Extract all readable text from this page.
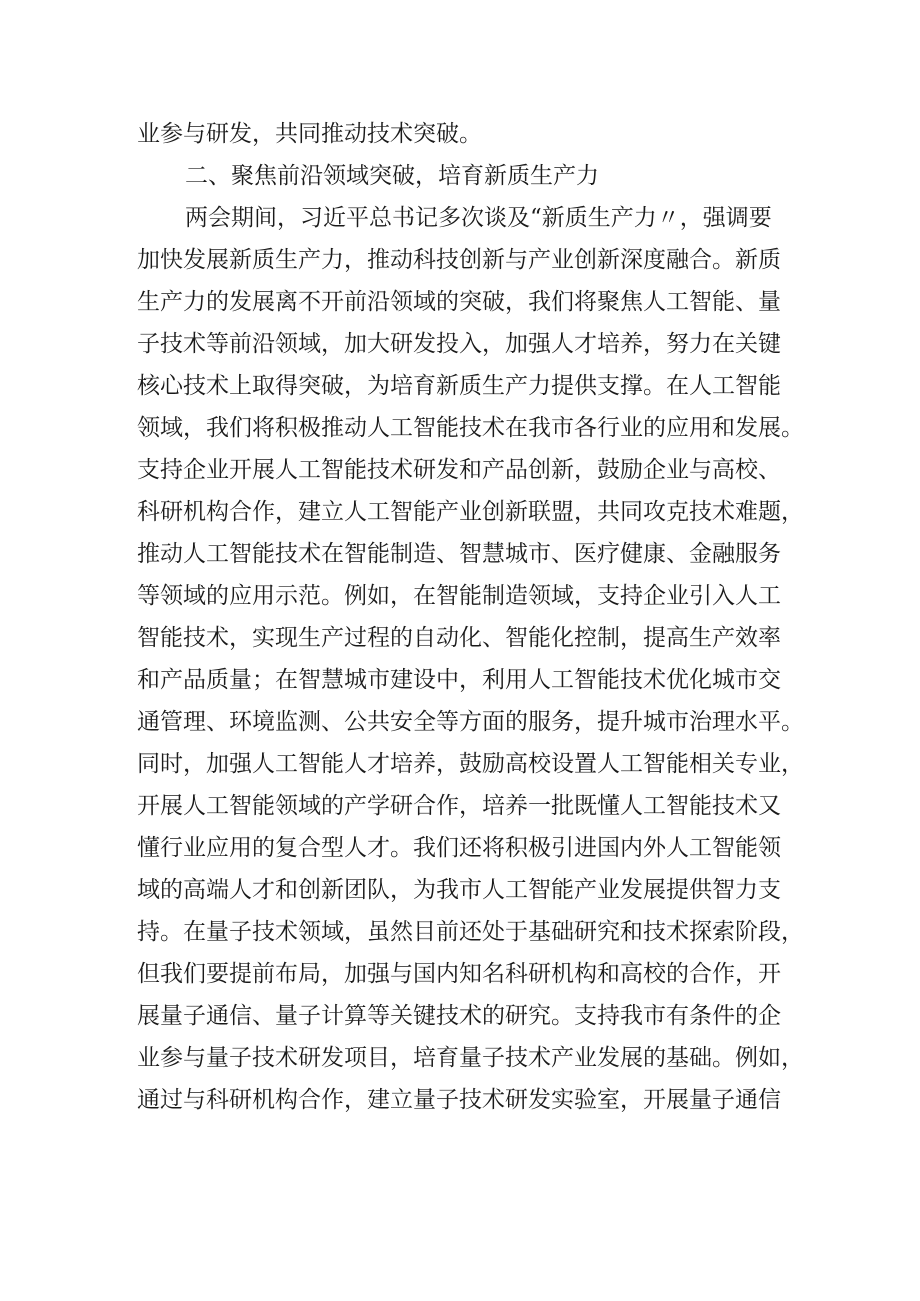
业参与研发，共同推动技术突破。
二、聚焦前沿领域突破，培育新质生产力
两会期间，习近平总书记多次谈及“新质生产力〃，强调要
加快发展新质生产力，推动科技创新与产业创新深度融合。新质
生产力的发展离不开前沿领域的突破，我们将聚焦人工智能、量
子技术等前沿领域，加大研发投入，加强人才培养，努力在关键
核心技术上取得突破，为培育新质生产力提供支撑。在人工智能
领域，我们将积极推动人工智能技术在我市各行业的应用和发展。
支持企业开展人工智能技术研发和产品创新，鼓励企业与高校、
科研机构合作，建立人工智能产业创新联盟，共同攻克技术难题，
推动人工智能技术在智能制造、智慧城市、医疗健康、金融服务
等领域的应用示范。例如，在智能制造领域，支持企业引入人工
智能技术，实现生产过程的自动化、智能化控制，提高生产效率
和产品质量；在智慧城市建设中，利用人工智能技术优化城市交
通管理、环境监测、公共安全等方面的服务，提升城市治理水平。
同时，加强人工智能人才培养，鼓励高校设置人工智能相关专业，
开展人工智能领域的产学研合作，培养一批既懂人工智能技术又
懂行业应用的复合型人才。我们还将积极引进国内外人工智能领
域的高端人才和创新团队，为我市人工智能产业发展提供智力支
持。在量子技术领域，虽然目前还处于基础研究和技术探索阶段，
但我们要提前布局，加强与国内知名科研机构和高校的合作，开
展量子通信、量子计算等关键技术的研究。支持我市有条件的企
业参与量子技术研发项目，培育量子技术产业发展的基础。例如，
通过与科研机构合作，建立量子技术研发实验室，开展量子通信
